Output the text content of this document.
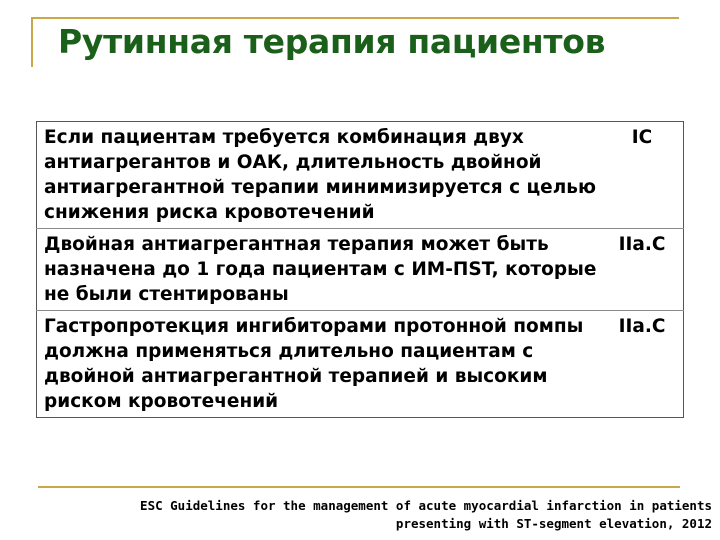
Рутинная терапия пациентов
Если пациентам требуется комбинация двух антиагрегантов и ОАК, длительность двойной антиагрегантной терапии минимизируется с целью снижения риска кровотечений	IC
Двойная антиагрегантная терапия может быть назначена до 1 года пациентам с ИМ-ПST, которые не были стентированы	IIa.C
Гастропротекция ингибиторами протонной помпы должна применяться длительно пациентам с двойной антиагрегантной терапией и высоким риском кровотечений	IIa.C
ESC Guidelines for the management of acute myocardial infarction in patients
presenting with ST-segment elevation, 2012
